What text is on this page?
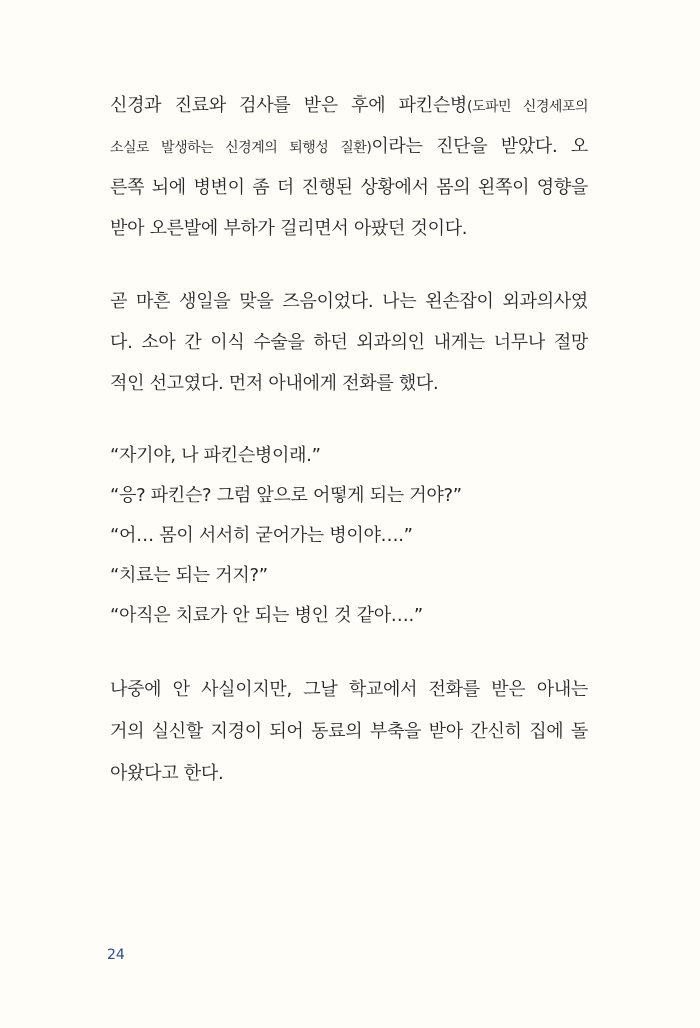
신경과 진료와 검사를 받은 후에 파킨슨병(도파민 신경세포의
소실로 발생하는 신경계의 퇴행성 질환)이라는 진단을 받았다. 오
른쪽 뇌에 병변이 좀 더 진행된 상황에서 몸의 왼쪽이 영향을
받아 오른발에 부하가 걸리면서 아팠던 것이다.
곧 마흔 생일을 맞을 즈음이었다. 나는 왼손잡이 외과의사였
다. 소아 간 이식 수술을 하던 외과의인 내게는 너무나 절망
적인 선고였다. 먼저 아내에게 전화를 했다.
“자기야, 나 파킨슨병이래.”
“응? 파킨슨? 그럼 앞으로 어떻게 되는 거야?”
“어… 몸이 서서히 굳어가는 병이야….”
“치료는 되는 거지?”
“아직은 치료가 안 되는 병인 것 같아….”
나중에 안 사실이지만, 그날 학교에서 전화를 받은 아내는
거의 실신할 지경이 되어 동료의 부축을 받아 간신히 집에 돌
아왔다고 한다.
24
